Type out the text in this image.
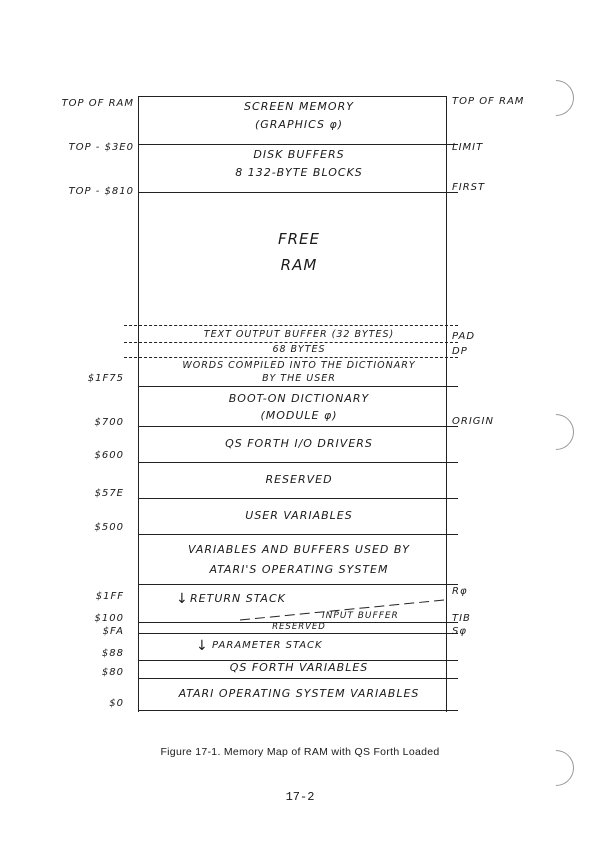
TOP OF RAM
TOP - $3E0
TOP - $810
$1F75
$700
$600
$57E
$500
$1FF
$100
$FA
$88
$80
$0
TOP OF RAM
LIMIT
FIRST
PAD
DP
ORIGIN
Rφ
TIB
Sφ
SCREEN MEMORY
(GRAPHICS φ)
DISK BUFFERS
8 132-BYTE BLOCKS
FREE
RAM
TEXT OUTPUT BUFFER (32 BYTES)
68 BYTES
WORDS COMPILED INTO THE DICTIONARY
BY THE USER
BOOT-ON DICTIONARY
(MODULE φ)
QS FORTH I/O DRIVERS
RESERVED
USER VARIABLES
VARIABLES AND BUFFERS USED BY
ATARI'S OPERATING SYSTEM
↓ RETURN STACK
INPUT BUFFER
RESERVED
↓ PARAMETER STACK
QS FORTH VARIABLES
ATARI OPERATING SYSTEM VARIABLES
Figure 17-1. Memory Map of RAM with QS Forth Loaded
17-2
